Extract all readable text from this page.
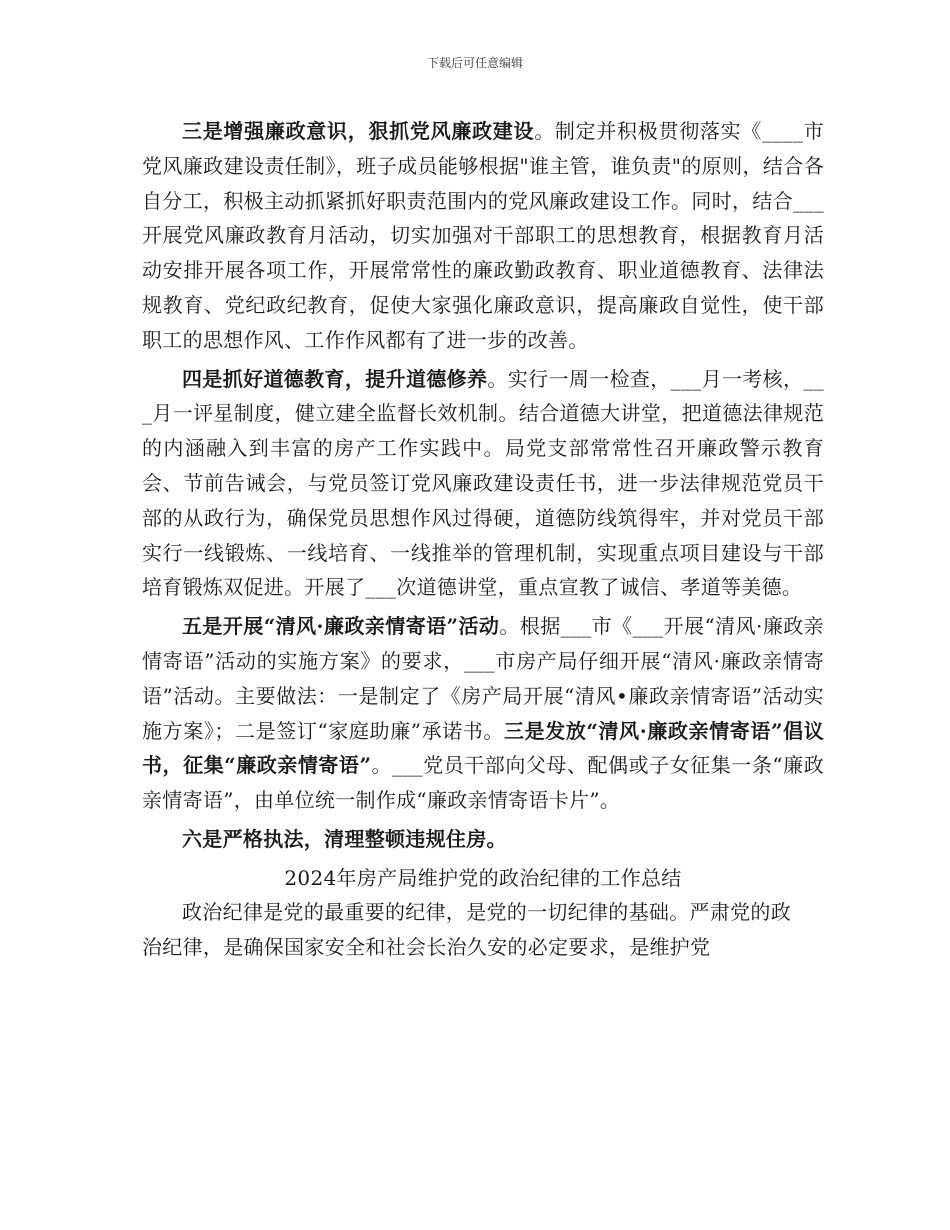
下载后可任意编辑

三是增强廉政意识，狠抓党风廉政建设。制定并积极贯彻落实《____市党风廉政建设责任制》，班子成员能够根据"谁主管，谁负责"的原则，结合各自分工，积极主动抓紧抓好职责范围内的党风廉政建设工作。同时，结合___开展党风廉政教育月活动，切实加强对干部职工的思想教育，根据教育月活动安排开展各项工作，开展常常性的廉政勤政教育、职业道德教育、法律法规教育、党纪政纪教育，促使大家强化廉政意识，提高廉政自觉性，使干部职工的思想作风、工作作风都有了进一步的改善。

四是抓好道德教育，提升道德修养。实行一周一检查，___月一考核，___月一评星制度，健立建全监督长效机制。结合道德大讲堂，把道德法律规范的内涵融入到丰富的房产工作实践中。局党支部常常性召开廉政警示教育会、节前告诫会，与党员签订党风廉政建设责任书，进一步法律规范党员干部的从政行为，确保党员思想作风过得硬，道德防线筑得牢，并对党员干部实行一线锻炼、一线培育、一线推举的管理机制，实现重点项目建设与干部培育锻炼双促进。开展了___次道德讲堂，重点宣教了诚信、孝道等美德。

五是开展“清风·廉政亲情寄语”活动。根据___市《___开展“清风·廉政亲情寄语”活动的实施方案》的要求，___市房产局仔细开展“清风·廉政亲情寄语”活动。主要做法：一是制定了《房产局开展“清风•廉政亲情寄语”活动实施方案》；二是签订“家庭助廉”承诺书。三是发放“清风·廉政亲情寄语”倡议书，征集“廉政亲情寄语”。___党员干部向父母、配偶或子女征集一条“廉政亲情寄语”，由单位统一制作成“廉政亲情寄语卡片”。

六是严格执法，清理整顿违规住房。

2024年房产局维护党的政治纪律的工作总结

政治纪律是党的最重要的纪律，是党的一切纪律的基础。严肃党的政治纪律，是确保国家安全和社会长治久安的必定要求，是维护党
